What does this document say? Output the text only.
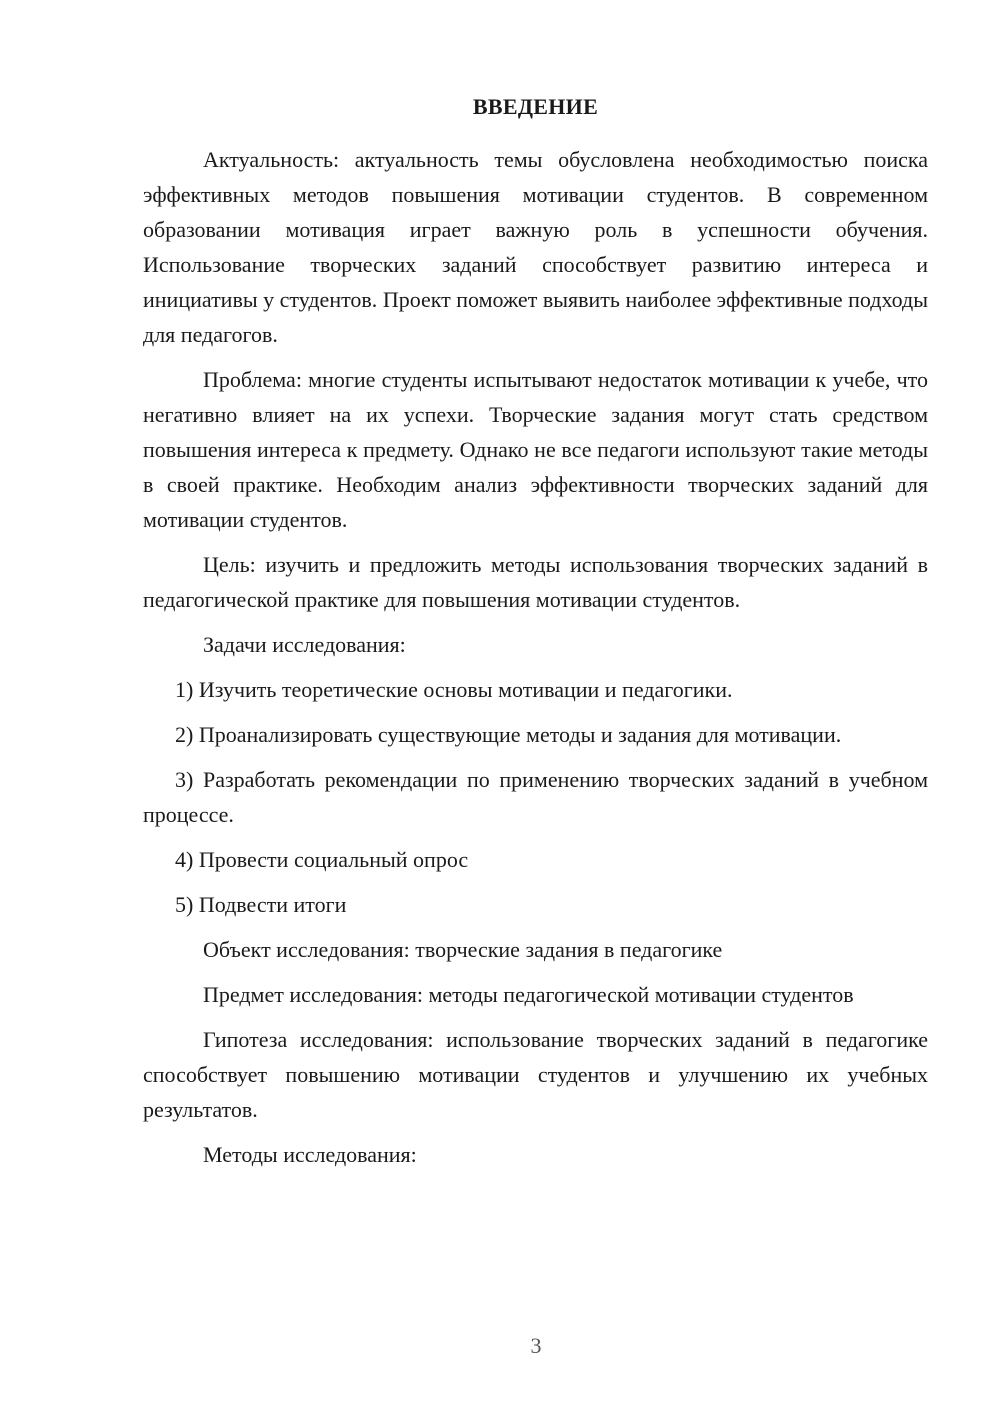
ВВЕДЕНИЕ

Актуальность: актуальность темы обусловлена необходимостью поиска эффективных методов повышения мотивации студентов. В современном образовании мотивация играет важную роль в успешности обучения. Использование творческих заданий способствует развитию интереса и инициативы у студентов. Проект поможет выявить наиболее эффективные подходы для педагогов.

Проблема: многие студенты испытывают недостаток мотивации к учебе, что негативно влияет на их успехи. Творческие задания могут стать средством повышения интереса к предмету. Однако не все педагоги используют такие методы в своей практике. Необходим анализ эффективности творческих заданий для мотивации студентов.

Цель: изучить и предложить методы использования творческих заданий в педагогической практике для повышения мотивации студентов.

Задачи исследования:

1) Изучить теоретические основы мотивации и педагогики.

2) Проанализировать существующие методы и задания для мотивации.

3) Разработать рекомендации по применению творческих заданий в учебном процессе.

4) Провести социальный опрос

5) Подвести итоги

Объект исследования: творческие задания в педагогике

Предмет исследования: методы педагогической мотивации студентов

Гипотеза исследования: использование творческих заданий в педагогике способствует повышению мотивации студентов и улучшению их учебных результатов.

Методы исследования:

3
